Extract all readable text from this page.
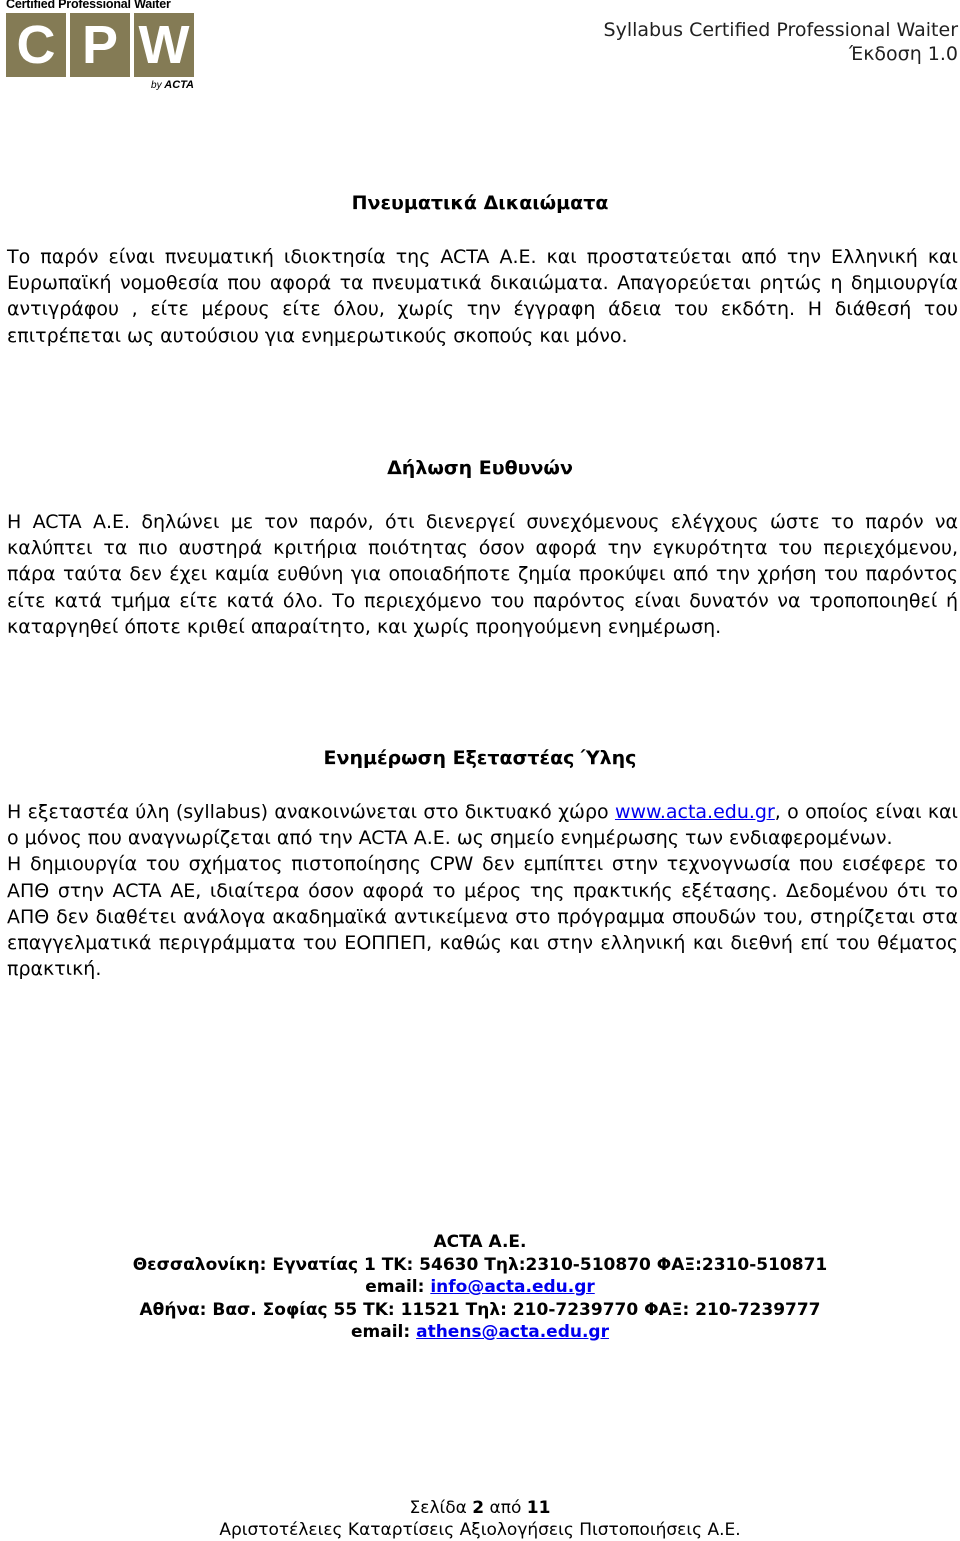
Certified Professional Waiter
C P W
by ACTA
Syllabus Certified Professional Waiter
Έκδοση 1.0
Πνευματικά Δικαιώματα

Το παρόν είναι πνευματική ιδιοκτησία της ACTA Α.Ε. και προστατεύεται από την Ελληνική και Ευρωπαϊκή νομοθεσία που αφορά τα πνευματικά δικαιώματα. Απαγορεύεται ρητώς η δημιουργία αντιγράφου , είτε μέρους είτε όλου, χωρίς την έγγραφη άδεια του εκδότη. Η διάθεσή του επιτρέπεται ως αυτούσιου για ενημερωτικούς σκοπούς και μόνο.

Δήλωση Ευθυνών

Η ACTA Α.Ε. δηλώνει με τον παρόν, ότι διενεργεί συνεχόμενους ελέγχους ώστε το παρόν να καλύπτει τα πιο αυστηρά κριτήρια ποιότητας όσον αφορά την εγκυρότητα του περιεχόμενου, πάρα ταύτα δεν έχει καμία ευθύνη για οποιαδήποτε ζημία προκύψει από την χρήση του παρόντος είτε κατά τμήμα είτε κατά όλο. Το περιεχόμενο του παρόντος είναι δυνατόν να τροποποιηθεί ή καταργηθεί όποτε κριθεί απαραίτητο, και χωρίς προηγούμενη ενημέρωση.

Ενημέρωση Εξεταστέας Ύλης

Η εξεταστέα ύλη (syllabus) ανακοινώνεται στο δικτυακό χώρο www.acta.edu.gr, ο οποίος είναι και ο μόνος που αναγνωρίζεται από την ACTA Α.Ε. ως σημείο ενημέρωσης των ενδιαφερομένων.

Η δημιουργία του σχήματος πιστοποίησης CPW δεν εμπίπτει στην τεχνογνωσία που εισέφερε το ΑΠΘ στην ACTA ΑΕ, ιδιαίτερα όσον αφορά το μέρος της πρακτικής εξέτασης. Δεδομένου ότι το ΑΠΘ δεν διαθέτει ανάλογα ακαδημαϊκά αντικείμενα στο πρόγραμμα σπουδών του, στηρίζεται στα επαγγελματικά περιγράμματα του ΕΟΠΠΕΠ, καθώς και στην ελληνική και διεθνή επί του θέματος πρακτική.

ACTA A.E.
Θεσσαλονίκη: Εγνατίας 1 ΤΚ: 54630 Τηλ:2310-510870 ΦΑΞ:2310-510871
email: info@acta.edu.gr
Αθήνα: Βασ. Σοφίας 55 ΤΚ: 11521 Τηλ: 210-7239770 ΦΑΞ: 210-7239777
email: athens@acta.edu.gr
Σελίδα 2 από 11
Αριστοτέλειες Καταρτίσεις Αξιολογήσεις Πιστοποιήσεις Α.Ε.
